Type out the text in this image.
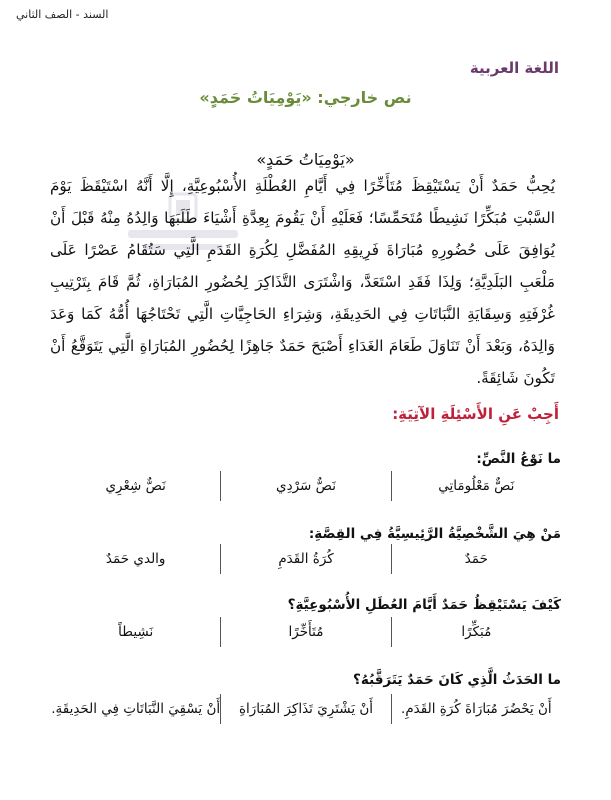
السند - الصف الثاني
اللغة العربية
نص خارجي: «يَوْمِيَاتُ حَمَدٍ»
«يَوْمِيَاتُ حَمَدٍ»
يُحِبُّ حَمَدٌ أَنْ يَسْتَيْقِظَ مُتَأَخِّرًا فِي أَيَّامِ العُطْلَةِ الأُسْبُوعِيَّةِ، إِلَّا أَنَّهُ اسْتَيْقَظَ يَوْمَ السَّبْتِ مُبَكِّرًا نَشِيطًا مُتَحَمِّسًا؛ فَعَلَيْهِ أَنْ يَقُومَ بِعِدَّةِ أَشْيَاءَ طَلَبَهَا وَالِدُهُ مِنْهُ قَبْلَ أَنْ يُوَافِقَ عَلَى حُضُورِهِ مُبَارَاةَ فَرِيقِهِ المُفَضَّلِ لِكُرَةِ القَدَمِ الَّتِي سَتُقَامُ عَصْرًا عَلَى مَلْعَبِ البَلَدِيَّةِ؛ وَلِذَا فَقَدِ اسْتَعَدَّ، وَاشْتَرَى التَّذَاكِرَ لِحُضُورِ المُبَارَاةِ، ثُمَّ قَامَ بِتَرْتِيبِ غُرْفَتِهِ وَسِقَايَةِ النَّبَاتَاتِ فِي الحَدِيقَةِ، وَشِرَاءِ الحَاجِيَّاتِ الَّتِي تَحْتَاجُهَا أُمُّهُ كَمَا وَعَدَ وَالِدَهُ، وَبَعْدَ أَنْ تَنَاوَلَ طَعَامَ الغَدَاءِ أَصْبَحَ حَمَدٌ جَاهِزًا لِحُضُورِ المُبَارَاةِ الَّتِي يَتَوَقَّعُ أَنْ تَكُونَ شَائِقَةً.
أَجِبْ عَنِ الأَسْئِلَةِ الآتِيَةِ:
ما نَوْعُ النَّصِّ:
نَصٌّ مَعْلُومَاتِي
نَصٌّ سَرْدِي
نَصٌّ شِعْرِي
مَنْ هِيَ الشَّخْصِيَّةُ الرَّئِيسِيَّةُ فِي القِصَّةِ:
حَمَدٌ
كُرَةُ القَدَمِ
والدي حَمَدٌ
كَيْفَ يَسْتَيْقِظُ حَمَدٌ أَيَّامَ العُطَلِ الأُسْبُوعِيَّةِ؟
مُبَكِّرًا
مُتَأَخِّرًا
نَشِيطاً
ما الحَدَثُ الَّذِي كَانَ حَمَدٌ يَتَرَقَّبُهُ؟
أَنْ يَحْضُرَ مُبَارَاةَ كُرَةِ القَدَمِ.
أَنْ يَشْتَرِيَ تَذَاكِرَ المُبَارَاةِ
أَنْ يَسْقِيَ النَّبَاتَاتِ فِي الحَدِيقَةِ.
